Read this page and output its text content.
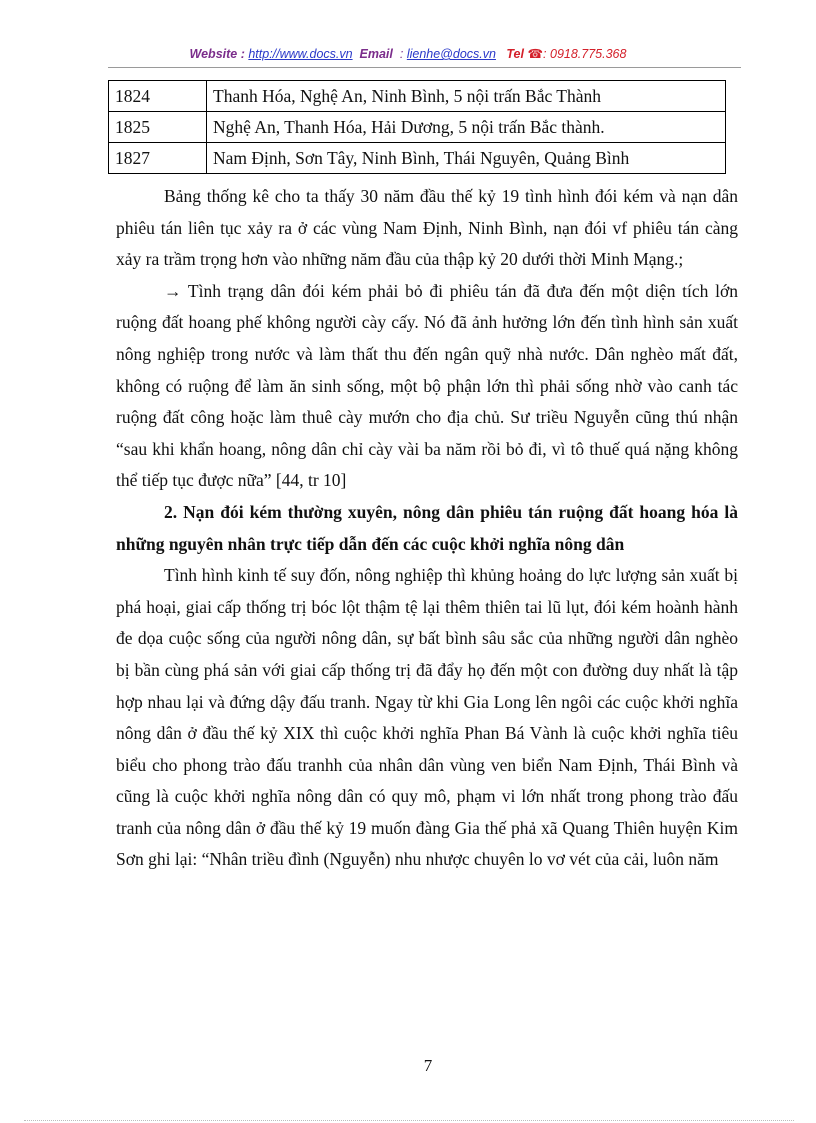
Website : http://www.docs.vn Email : lienhe@docs.vn Tel ☎: 0918.775.368
1824	Thanh Hóa, Nghệ An, Ninh Bình, 5 nội trấn Bắc Thành
1825	Nghệ An, Thanh Hóa, Hải Dương, 5 nội trấn Bắc thành.
1827	Nam Định, Sơn Tây, Ninh Bình, Thái Nguyên, Quảng Bình

Bảng thống kê cho ta thấy 30 năm đầu thế kỷ 19 tình hình đói kém và nạn dân phiêu tán liên tục xảy ra ở các vùng Nam Định, Ninh Bình, nạn đói vf phiêu tán càng xảy ra trầm trọng hơn vào những năm đầu của thập kỷ 20 dưới thời Minh Mạng.;

→ Tình trạng dân đói kém phải bỏ đi phiêu tán đã đưa đến một diện tích lớn ruộng đất hoang phế không người cày cấy. Nó đã ảnh hưởng lớn đến tình hình sản xuất nông nghiệp trong nước và làm thất thu đến ngân quỹ nhà nước. Dân nghèo mất đất, không có ruộng để làm ăn sinh sống, một bộ phận lớn thì phải sống nhờ vào canh tác ruộng đất công hoặc làm thuê cày mướn cho địa chủ. Sư triều Nguyễn cũng thú nhận “sau khi khẩn hoang, nông dân chỉ cày vài ba năm rồi bỏ đi, vì tô thuế quá nặng không thể tiếp tục được nữa” [44, tr 10]

2. Nạn đói kém thường xuyên, nông dân phiêu tán ruộng đất hoang hóa là những nguyên nhân trực tiếp dẫn đến các cuộc khởi nghĩa nông dân

Tình hình kinh tế suy đốn, nông nghiệp thì khủng hoảng do lực lượng sản xuất bị phá hoại, giai cấp thống trị bóc lột thậm tệ lại thêm thiên tai lũ lụt, đói kém hoành hành đe dọa cuộc sống của người nông dân, sự bất bình sâu sắc của những người dân nghèo bị bần cùng phá sản với giai cấp thống trị đã đẩy họ đến một con đường duy nhất là tập hợp nhau lại và đứng dậy đấu tranh. Ngay từ khi Gia Long lên ngôi các cuộc khởi nghĩa nông dân ở đầu thế kỷ XIX thì cuộc khởi nghĩa Phan Bá Vành là cuộc khởi nghĩa tiêu biểu cho phong trào đấu tranhh của nhân dân vùng ven biển Nam Định, Thái Bình và cũng là cuộc khởi nghĩa nông dân có quy mô, phạm vi lớn nhất trong phong trào đấu tranh của nông dân ở đầu thế kỷ 19 muốn đàng Gia thế phả xã Quang Thiên huyện Kim Sơn ghi lại: “Nhân triều đình (Nguyễn) nhu nhược chuyên lo vơ vét của cải, luôn năm

7
